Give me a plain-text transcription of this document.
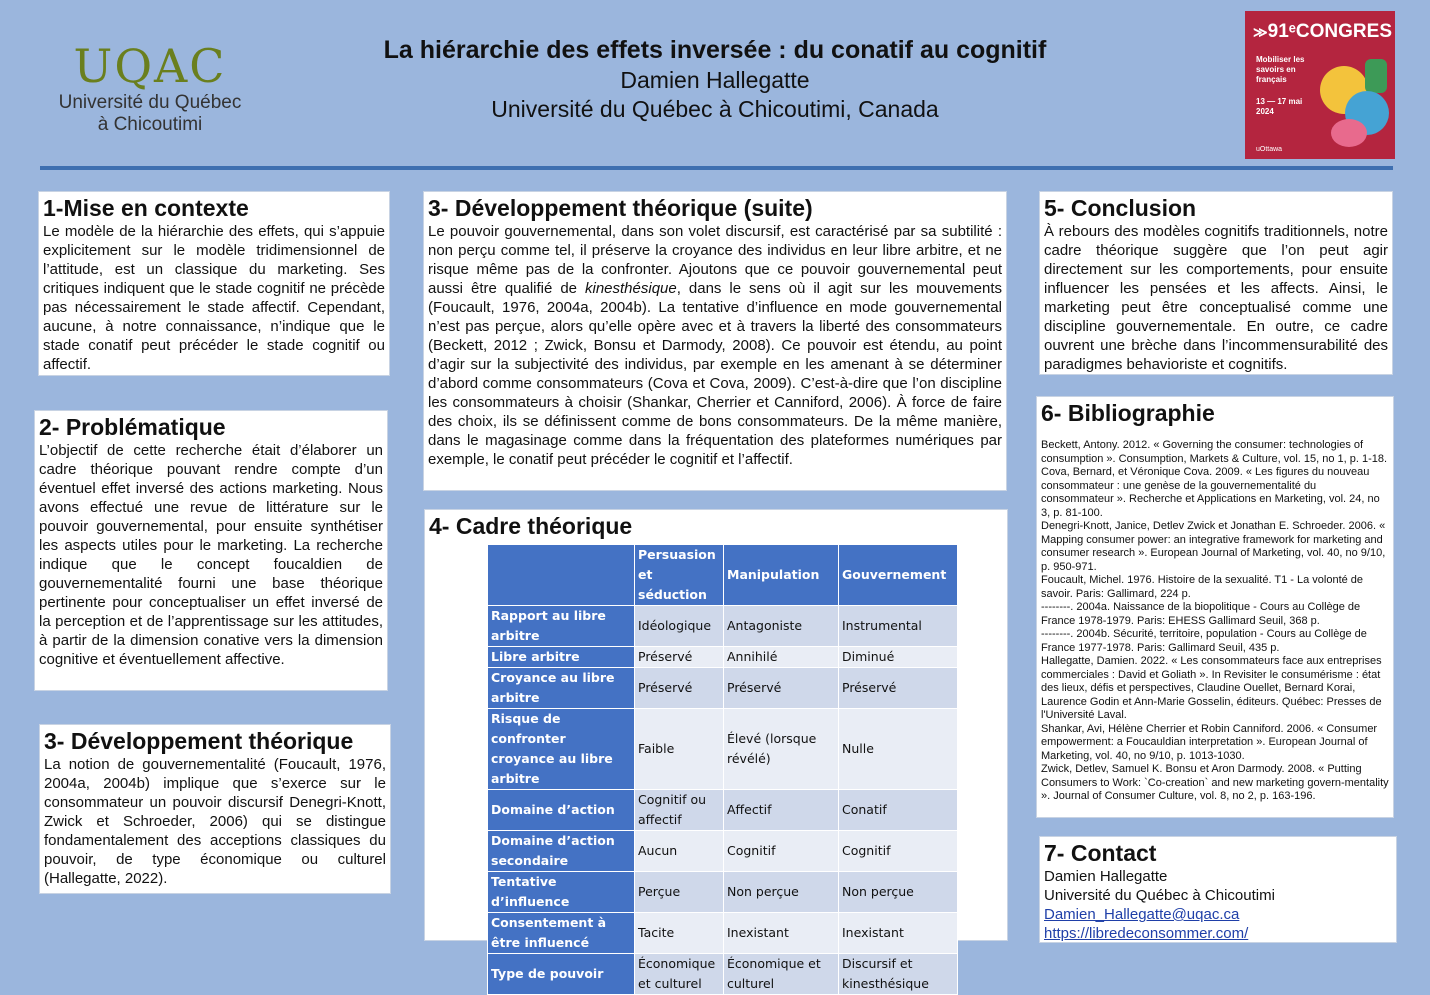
UQAC
Université du Québec
à Chicoutimi
La hiérarchie des effets inversée : du conatif au cognitif
Damien Hallegatte
Université du Québec à Chicoutimi, Canada
≫91ᵉCONGRES
Mobiliser les savoirs en français
13 — 17 mai 2024
uOttawa
1-Mise en contexte

Le modèle de la hiérarchie des effets, qui s’appuie explicitement sur le modèle tridimensionnel de l’attitude, est un classique du marketing. Ses critiques indiquent que le stade cognitif ne précède pas nécessairement le stade affectif. Cependant, aucune, à notre connaissance, n’indique que le stade conatif peut précéder le stade cognitif ou affectif.

2- Problématique

L’objectif de cette recherche était d’élaborer un cadre théorique pouvant rendre compte d’un éventuel effet inversé des actions marketing. Nous avons effectué une revue de littérature sur le pouvoir gouvernemental, pour ensuite synthétiser les aspects utiles pour le marketing. La recherche indique que le concept foucaldien de gouvernementalité fourni une base théorique pertinente pour conceptualiser un effet inversé de la perception et de l’apprentissage sur les attitudes, à partir de la dimension conative vers la dimension cognitive et éventuellement affective.

3- Développement théorique

La notion de gouvernementalité (Foucault, 1976, 2004a, 2004b) implique que s’exerce sur le consommateur un pouvoir discursif Denegri-Knott, Zwick et Schroeder, 2006) qui se distingue fondamentalement des acceptions classiques du pouvoir, de type économique ou culturel (Hallegatte, 2022).

3- Développement théorique (suite)

Le pouvoir gouvernemental, dans son volet discursif, est caractérisé par sa subtilité : non perçu comme tel, il préserve la croyance des individus en leur libre arbitre, et ne risque même pas de la confronter. Ajoutons que ce pouvoir gouvernemental peut aussi être qualifié de kinesthésique, dans le sens où il agit sur les mouvements (Foucault, 1976, 2004a, 2004b). La tentative d’influence en mode gouvernemental n’est pas perçue, alors qu’elle opère avec et à travers la liberté des consommateurs (Beckett, 2012 ; Zwick, Bonsu et Darmody, 2008). Ce pouvoir est étendu, au point d’agir sur la subjectivité des individus, par exemple en les amenant à se déterminer d’abord comme consommateurs (Cova et Cova, 2009). C’est-à-dire que l’on discipline les consommateurs à choisir (Shankar, Cherrier et Canniford, 2006). À force de faire des choix, ils se définissent comme de bons consommateurs. De la même manière, dans le magasinage comme dans la fréquentation des plateformes numériques par exemple, le conatif peut précéder le cognitif et l’affectif.

4- Cadre théorique
	Persuasion et séduction	Manipulation	Gouvernement
Rapport au libre arbitre	Idéologique	Antagoniste	Instrumental
Libre arbitre	Préservé	Annihilé	Diminué
Croyance au libre arbitre	Préservé	Préservé	Préservé
Risque de confronter croyance au libre arbitre	Faible	Élevé (lorsque révélé)	Nulle
Domaine d’action	Cognitif ou affectif	Affectif	Conatif
Domaine d’action secondaire	Aucun	Cognitif	Cognitif
Tentative d’influence	Perçue	Non perçue	Non perçue
Consentement à être influencé	Tacite	Inexistant	Inexistant
Type de pouvoir	Économique et culturel	Économique et culturel	Discursif et kinesthésique
5- Conclusion

À rebours des modèles cognitifs traditionnels, notre cadre théorique suggère que l’on peut agir directement sur les comportements, pour ensuite influencer les pensées et les affects. Ainsi, le marketing peut être conceptualisé comme une discipline gouvernementale. En outre, ce cadre ouvrent une brèche dans l’incommensurabilité des paradigmes behavioriste et cognitifs.

6- Bibliographie

Beckett, Antony. 2012. « Governing the consumer: technologies of consumption ». Consumption, Markets & Culture, vol. 15, no 1, p. 1-18.

Cova, Bernard, et Véronique Cova. 2009. « Les figures du nouveau consommateur : une genèse de la gouvernementalité du consommateur ». Recherche et Applications en Marketing, vol. 24, no 3, p. 81-100.

Denegri-Knott, Janice, Detlev Zwick et Jonathan E. Schroeder. 2006. « Mapping consumer power: an integrative framework for marketing and consumer research ». European Journal of Marketing, vol. 40, no 9/10, p. 950-971.

Foucault, Michel. 1976. Histoire de la sexualité. T1 - La volonté de savoir. Paris: Gallimard, 224 p.

--------. 2004a. Naissance de la biopolitique - Cours au Collège de France 1978-1979. Paris: EHESS Gallimard Seuil, 368 p.

--------. 2004b. Sécurité, territoire, population - Cours au Collège de France 1977-1978. Paris: Gallimard Seuil, 435 p.

Hallegatte, Damien. 2022. « Les consommateurs face aux entreprises commerciales : David et Goliath ». In Revisiter le consumérisme : état des lieux, défis et perspectives, Claudine Ouellet, Bernard Korai, Laurence Godin et Ann-Marie Gosselin, éditeurs. Québec: Presses de l'Université Laval.

Shankar, Avi, Hélène Cherrier et Robin Canniford. 2006. « Consumer empowerment: a Foucauldian interpretation ». European Journal of Marketing, vol. 40, no 9/10, p. 1013-1030.

Zwick, Detlev, Samuel K. Bonsu et Aron Darmody. 2008. « Putting Consumers to Work: `Co-creation` and new marketing govern-mentality ». Journal of Consumer Culture, vol. 8, no 2, p. 163-196.

7- Contact

Damien Hallegatte

Université du Québec à Chicoutimi

Damien_Hallegatte@uqac.ca
https://libredeconsommer.com/
